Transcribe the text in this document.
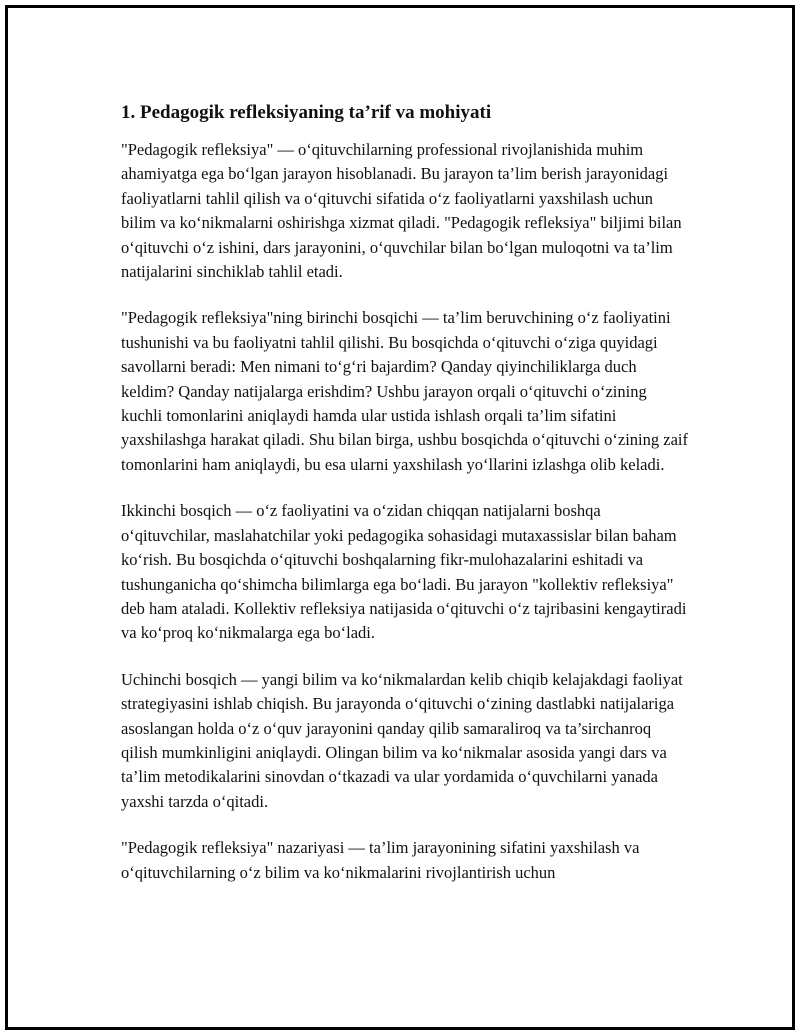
1. Pedagogik refleksiyaning ta’rif va mohiyati

"Pedagogik refleksiya" — o‘qituvchilarning professional rivojlanishida muhim ahamiyatga ega bo‘lgan jarayon hisoblanadi. Bu jarayon ta’lim berish jarayonidagi faoliyatlarni tahlil qilish va o‘qituvchi sifatida o‘z faoliyatlarni yaxshilash uchun bilim va ko‘nikmalarni oshirishga xizmat qiladi. "Pedagogik refleksiya" biljimi bilan o‘qituvchi o‘z ishini, dars jarayonini, o‘quvchilar bilan bo‘lgan muloqotni va ta’lim natijalarini sinchiklab tahlil etadi.

"Pedagogik refleksiya"ning birinchi bosqichi — ta’lim beruvchining o‘z faoliyatini tushunishi va bu faoliyatni tahlil qilishi. Bu bosqichda o‘qituvchi o‘ziga quyidagi savollarni beradi: Men nimani to‘g‘ri bajardim? Qanday qiyinchiliklarga duch keldim? Qanday natijalarga erishdim? Ushbu jarayon orqali o‘qituvchi o‘zining kuchli tomonlarini aniqlaydi hamda ular ustida ishlash orqali ta’lim sifatini yaxshilashga harakat qiladi. Shu bilan birga, ushbu bosqichda o‘qituvchi o‘zining zaif tomonlarini ham aniqlaydi, bu esa ularni yaxshilash yo‘llarini izlashga olib keladi.

Ikkinchi bosqich — o‘z faoliyatini va o‘zidan chiqqan natijalarni boshqa o‘qituvchilar, maslahatchilar yoki pedagogika sohasidagi mutaxassislar bilan baham ko‘rish. Bu bosqichda o‘qituvchi boshqalarning fikr-mulohazalarini eshitadi va tushunganicha qo‘shimcha bilimlarga ega bo‘ladi. Bu jarayon "kollektiv refleksiya" deb ham ataladi. Kollektiv refleksiya natijasida o‘qituvchi o‘z tajribasini kengaytiradi va ko‘proq ko‘nikmalarga ega bo‘ladi.

Uchinchi bosqich — yangi bilim va ko‘nikmalardan kelib chiqib kelajakdagi faoliyat strategiyasini ishlab chiqish. Bu jarayonda o‘qituvchi o‘zining dastlabki natijalariga asoslangan holda o‘z o‘quv jarayonini qanday qilib samaraliroq va ta’sirchanroq qilish mumkinligini aniqlaydi. Olingan bilim va ko‘nikmalar asosida yangi dars va ta’lim metodikalarini sinovdan o‘tkazadi va ular yordamida o‘quvchilarni yanada yaxshi tarzda o‘qitadi.

"Pedagogik refleksiya" nazariyasi — ta’lim jarayonining sifatini yaxshilash va o‘qituvchilarning o‘z bilim va ko‘nikmalarini rivojlantirish uchun
